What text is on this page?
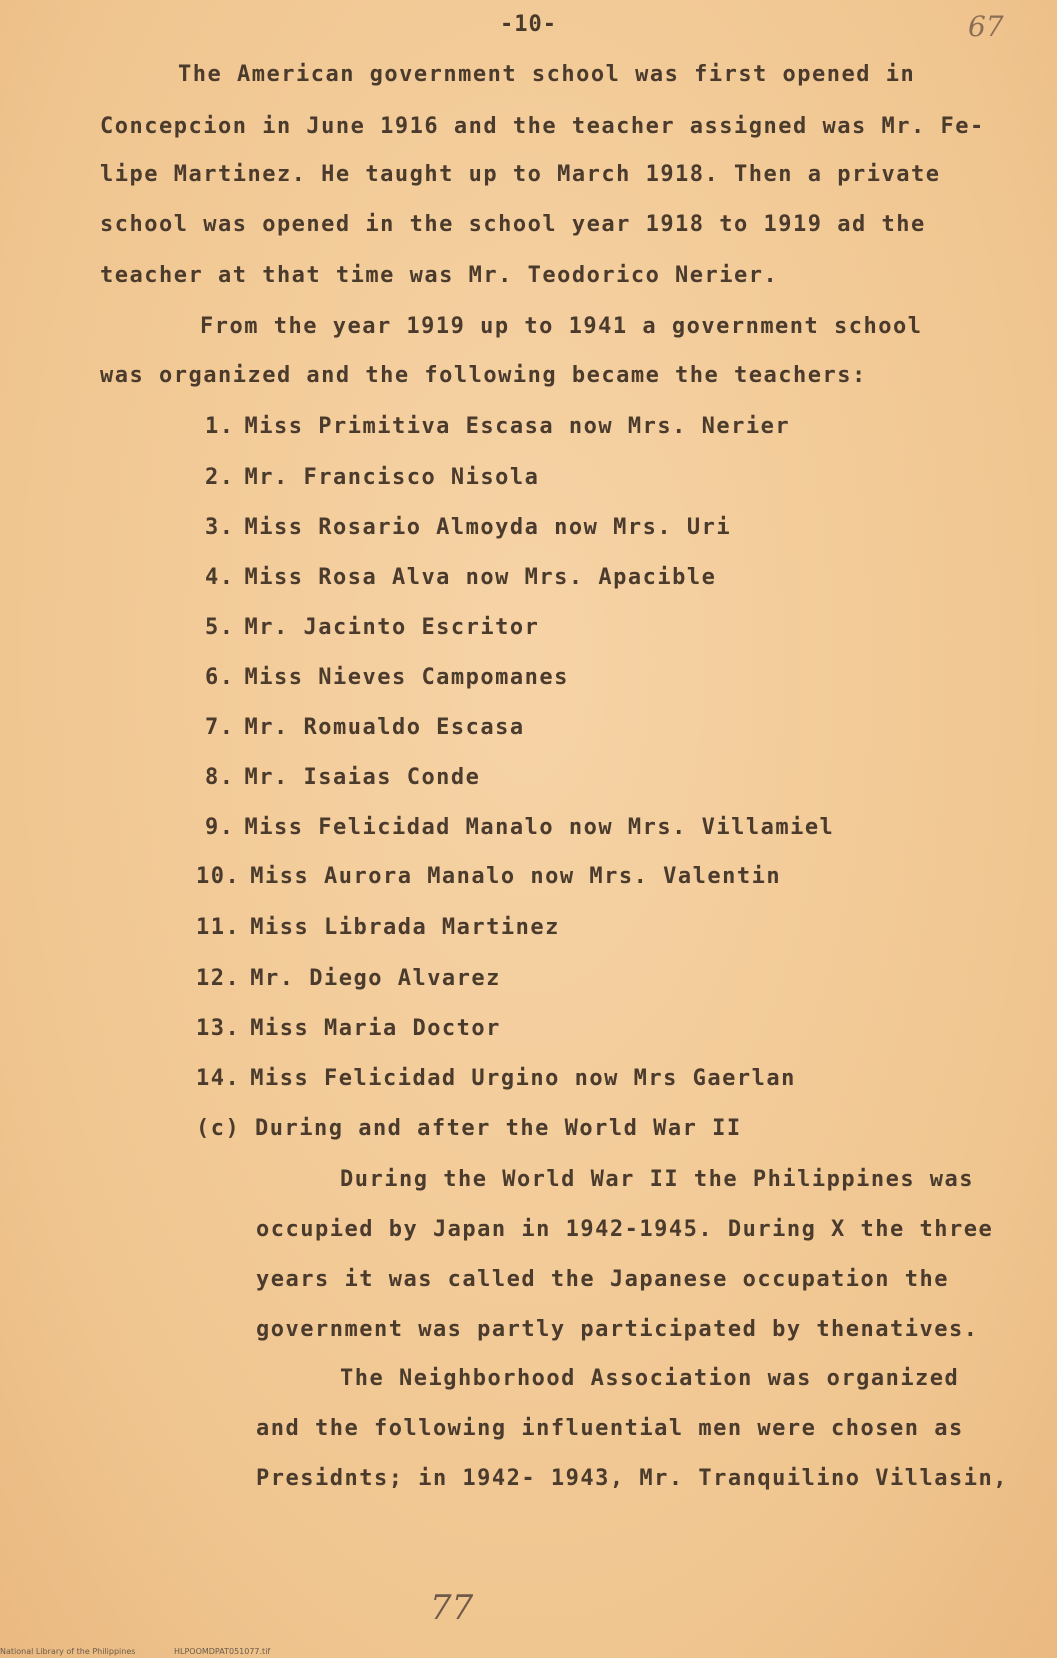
-10-	67
The American government school was first opened in
Concepcion in June 1916 and the teacher assigned was Mr. Fe-
lipe Martinez. He taught up to March 1918. Then a private
school was opened in the school year 1918 to 1919 ad the
teacher at that time was Mr. Teodorico Nerier.
From the year 1919 up to 1941 a government school
was organized and the following became the teachers:
1. Miss Primitiva Escasa now Mrs. Nerier
2. Mr. Francisco Nisola
3. Miss Rosario Almoyda now Mrs. Uri
4. Miss Rosa Alva now Mrs. Apacible
5. Mr. Jacinto Escritor
6. Miss Nieves Campomanes
7. Mr. Romualdo Escasa
8. Mr. Isaias Conde
9. Miss Felicidad Manalo now Mrs. Villamiel
10. Miss Aurora Manalo now Mrs. Valentin
11. Miss Librada Martinez
12. Mr. Diego Alvarez
13. Miss Maria Doctor
14. Miss Felicidad Urgino now Mrs Gaerlan
(c) During and after the World War II
During the World War II the Philippines was
occupied by Japan in 1942-1945. During X the three
years it was called the Japanese occupation the
government was partly participated by thenatives.
The Neighborhood Association was organized
and the following influential men were chosen as
Presidnts; in 1942- 1943, Mr. Tranquilino Villasin,
77
National Library of the Philippines	HLPOOMDPAT051077.tif
